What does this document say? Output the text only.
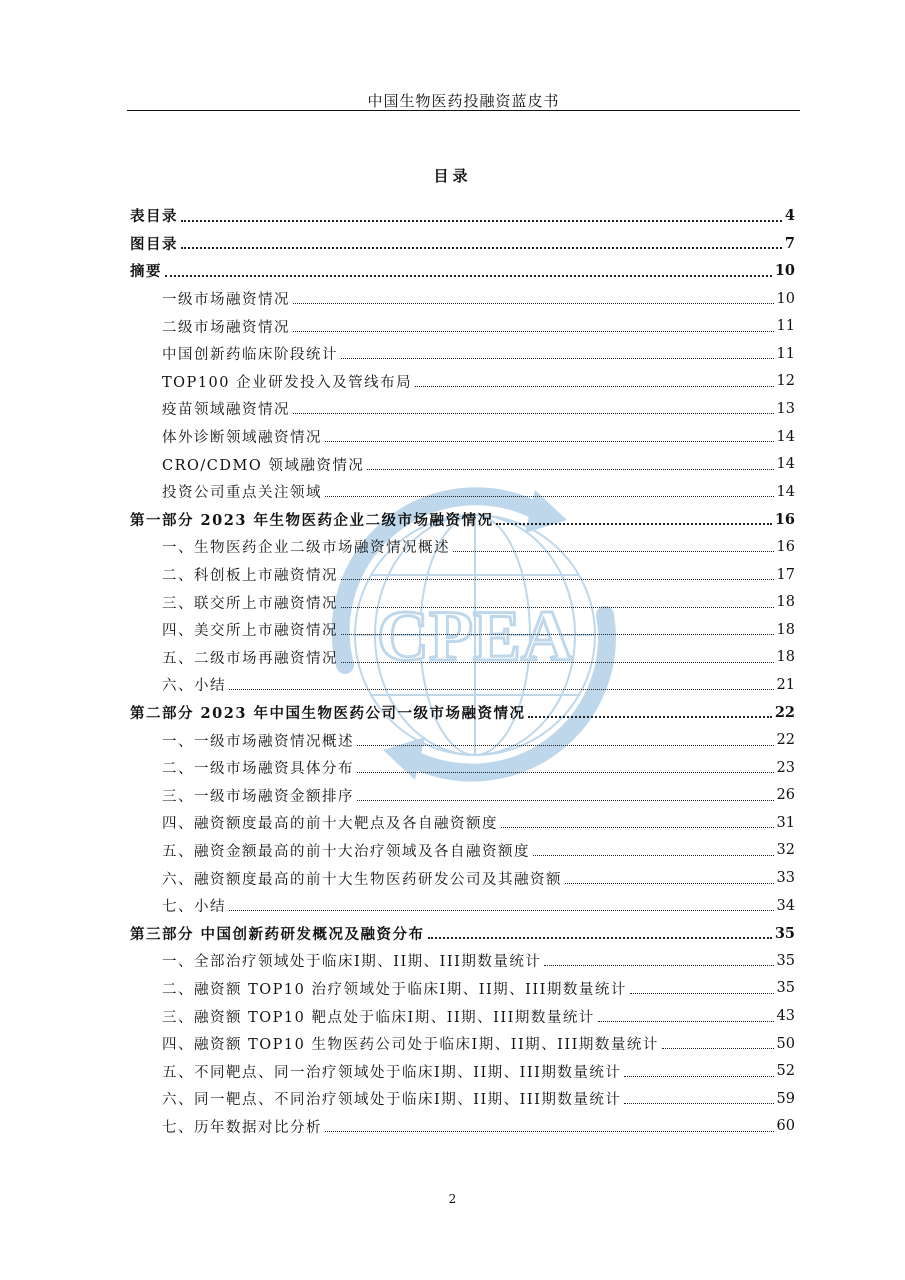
中国生物医药投融资蓝皮书
CPEA
目录
表目录	4
图目录	7
摘要	10
一级市场融资情况	10
二级市场融资情况	11
中国创新药临床阶段统计	11
TOP100 企业研发投入及管线布局	12
疫苗领域融资情况	13
体外诊断领域融资情况	14
CRO/CDMO 领域融资情况	14
投资公司重点关注领域	14
第一部分 2023 年生物医药企业二级市场融资情况	16
一、生物医药企业二级市场融资情况概述	16
二、科创板上市融资情况	17
三、联交所上市融资情况	18
四、美交所上市融资情况	18
五、二级市场再融资情况	18
六、小结	21
第二部分 2023 年中国生物医药公司一级市场融资情况	22
一、一级市场融资情况概述	22
二、一级市场融资具体分布	23
三、一级市场融资金额排序	26
四、融资额度最高的前十大靶点及各自融资额度	31
五、融资金额最高的前十大治疗领域及各自融资额度	32
六、融资额度最高的前十大生物医药研发公司及其融资额	33
七、小结	34
第三部分 中国创新药研发概况及融资分布	35
一、全部治疗领域处于临床I期、II期、III期数量统计	35
二、融资额 TOP10 治疗领域处于临床I期、II期、III期数量统计	35
三、融资额 TOP10 靶点处于临床I期、II期、III期数量统计	43
四、融资额 TOP10 生物医药公司处于临床I期、II期、III期数量统计	50
五、不同靶点、同一治疗领域处于临床I期、II期、III期数量统计	52
六、同一靶点、不同治疗领域处于临床I期、II期、III期数量统计	59
七、历年数据对比分析	60
2
